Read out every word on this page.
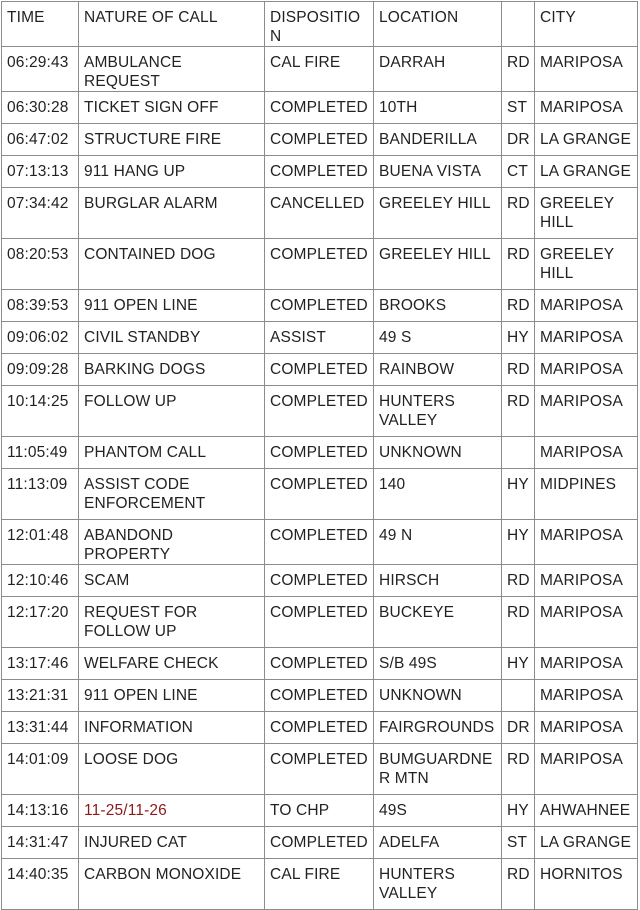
TIME	NATURE OF CALL	DISPOSITION	LOCATION		CITY
06:29:43	AMBULANCE REQUEST	CAL FIRE	DARRAH	RD	MARIPOSA
06:30:28	TICKET SIGN OFF	COMPLETED	10TH	ST	MARIPOSA
06:47:02	STRUCTURE FIRE	COMPLETED	BANDERILLA	DR	LA GRANGE
07:13:13	911 HANG UP	COMPLETED	BUENA VISTA	CT	LA GRANGE
07:34:42	BURGLAR ALARM	CANCELLED	GREELEY HILL	RD	GREELEY HILL
08:20:53	CONTAINED DOG	COMPLETED	GREELEY HILL	RD	GREELEY HILL
08:39:53	911 OPEN LINE	COMPLETED	BROOKS	RD	MARIPOSA
09:06:02	CIVIL STANDBY	ASSIST	49 S	HY	MARIPOSA
09:09:28	BARKING DOGS	COMPLETED	RAINBOW	RD	MARIPOSA
10:14:25	FOLLOW UP	COMPLETED	HUNTERS VALLEY	RD	MARIPOSA
11:05:49	PHANTOM CALL	COMPLETED	UNKNOWN		MARIPOSA
11:13:09	ASSIST CODE ENFORCEMENT	COMPLETED	140	HY	MIDPINES
12:01:48	ABANDOND PROPERTY	COMPLETED	49 N	HY	MARIPOSA
12:10:46	SCAM	COMPLETED	HIRSCH	RD	MARIPOSA
12:17:20	REQUEST FOR FOLLOW UP	COMPLETED	BUCKEYE	RD	MARIPOSA
13:17:46	WELFARE CHECK	COMPLETED	S/B 49S	HY	MARIPOSA
13:21:31	911 OPEN LINE	COMPLETED	UNKNOWN		MARIPOSA
13:31:44	INFORMATION	COMPLETED	FAIRGROUNDS	DR	MARIPOSA
14:01:09	LOOSE DOG	COMPLETED	BUMGUARDNER MTN	RD	MARIPOSA
14:13:16	11-25/11-26	TO CHP	49S	HY	AHWAHNEE
14:31:47	INJURED CAT	COMPLETED	ADELFA	ST	LA GRANGE
14:40:35	CARBON MONOXIDE	CAL FIRE	HUNTERS VALLEY	RD	HORNITOS
